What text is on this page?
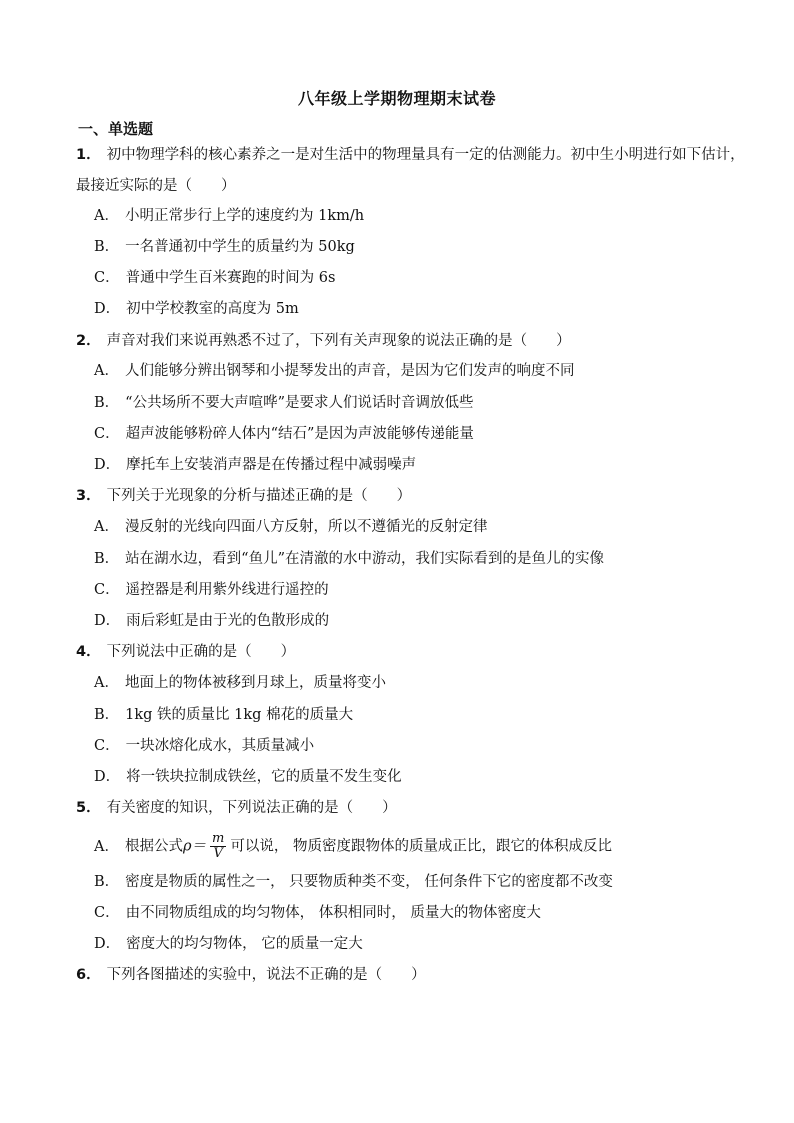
八年级上学期物理期末试卷
一、单选题
1． 初中物理学科的核心素养之一是对生活中的物理量具有一定的估测能力。初中生小明进行如下估计，
最接近实际的是（　　）
A． 小明正常步行上学的速度约为 1km/h
B． 一名普通初中学生的质量约为 50kg
C． 普通中学生百米赛跑的时间为 6s
D． 初中学校教室的高度为 5m
2． 声音对我们来说再熟悉不过了，下列有关声现象的说法正确的是（　　）
A． 人们能够分辨出钢琴和小提琴发出的声音，是因为它们发声的响度不同
B． “公共场所不要大声喧哗”是要求人们说话时音调放低些
C． 超声波能够粉碎人体内“结石”是因为声波能够传递能量
D． 摩托车上安装消声器是在传播过程中减弱噪声
3． 下列关于光现象的分析与描述正确的是（　　）
A． 漫反射的光线向四面八方反射，所以不遵循光的反射定律
B． 站在湖水边，看到“鱼儿”在清澈的水中游动，我们实际看到的是鱼儿的实像
C． 遥控器是利用紫外线进行遥控的
D． 雨后彩虹是由于光的色散形成的
4． 下列说法中正确的是（　　）
A． 地面上的物体被移到月球上，质量将变小
B． 1kg 铁的质量比 1kg 棉花的质量大
C． 一块冰熔化成水，其质量减小
D． 将一铁块拉制成铁丝，它的质量不发生变化
5． 有关密度的知识，下列说法正确的是（　　）
A． 根据公式$\rho= \frac{m}{V}$ 可以说， 物质密度跟物体的质量成正比，跟它的体积成反比
B． 密度是物质的属性之一， 只要物质种类不变， 任何条件下它的密度都不改变
C． 由不同物质组成的均匀物体， 体积相同时， 质量大的物体密度大
D． 密度大的均匀物体， 它的质量一定大
6． 下列各图描述的实验中，说法不正确的是（　　）
